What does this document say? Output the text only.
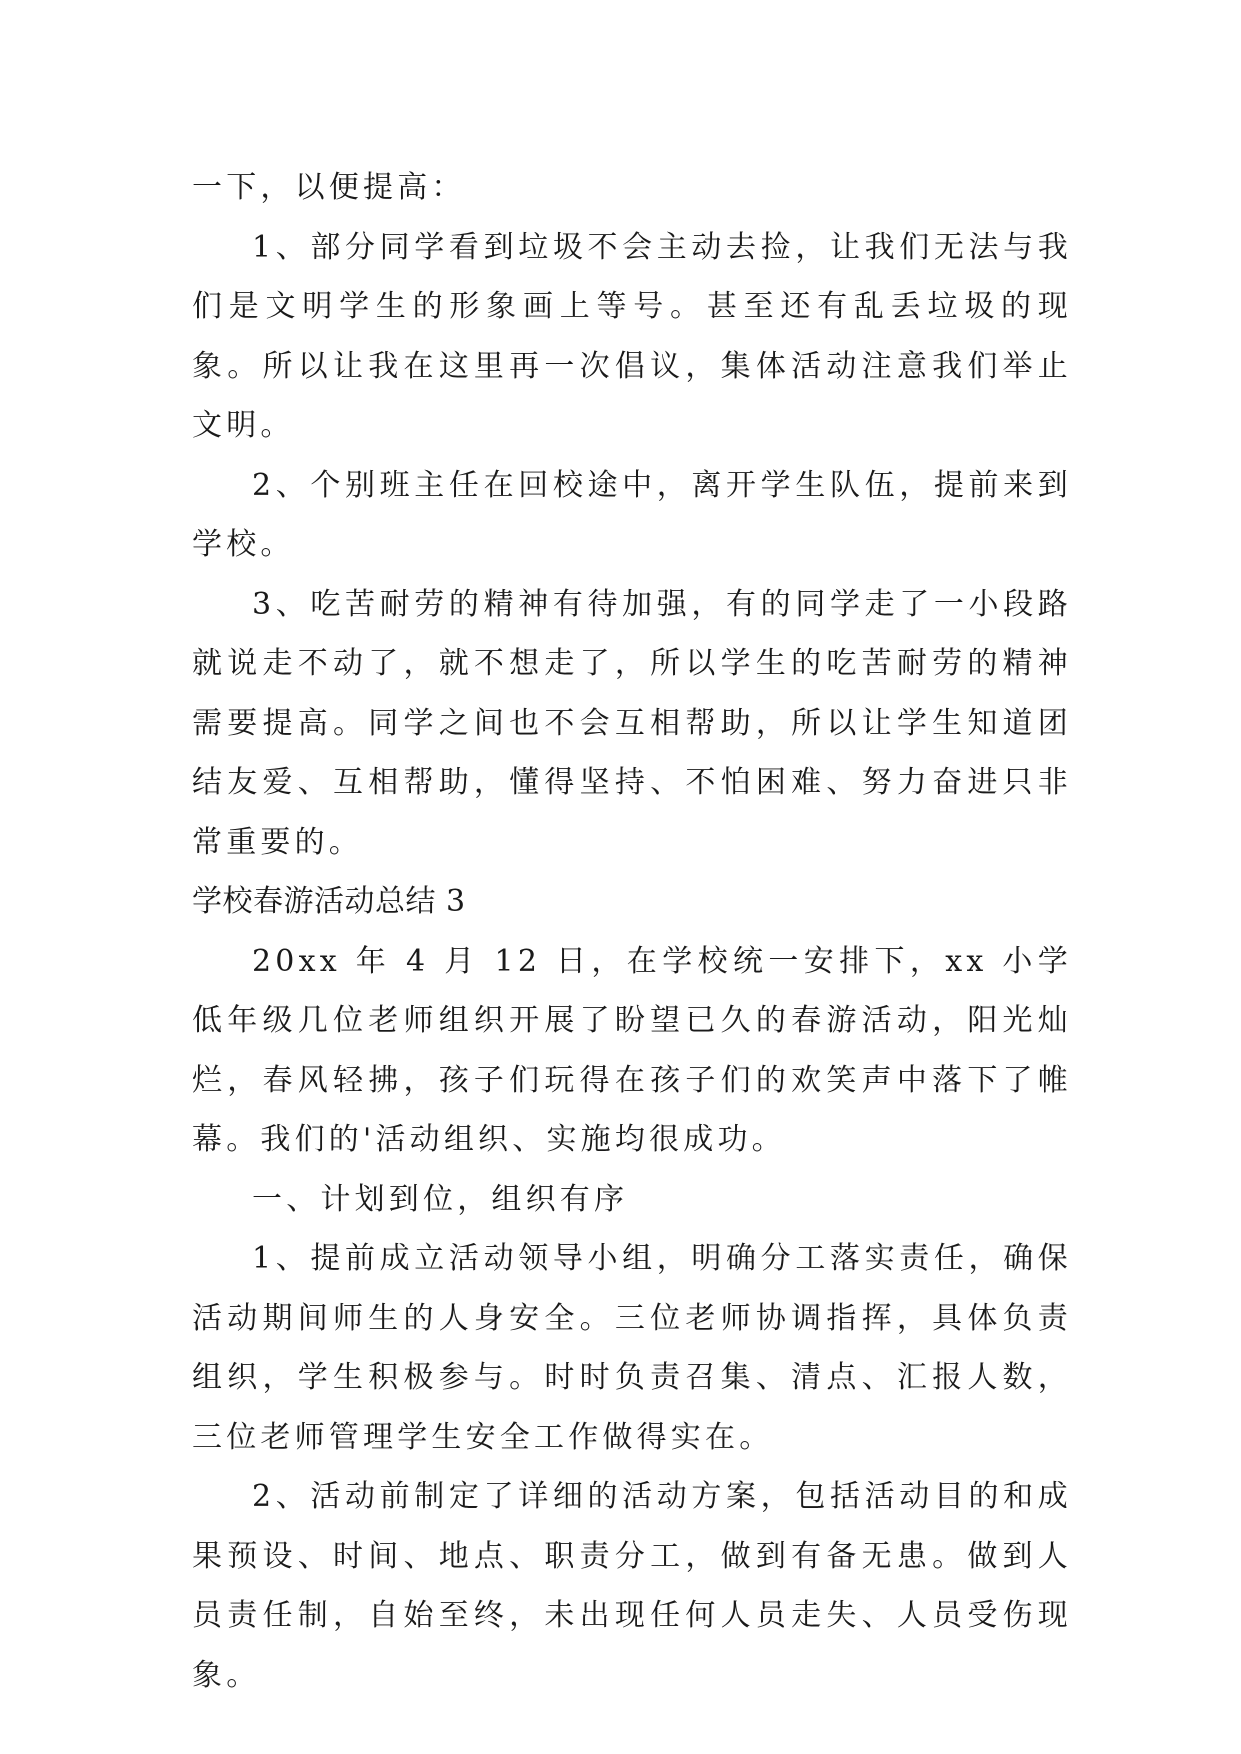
一下，以便提高：

1、部分同学看到垃圾不会主动去捡，让我们无法与我们是文明学生的形象画上等号。甚至还有乱丢垃圾的现象。所以让我在这里再一次倡议，集体活动注意我们举止文明。

2、个别班主任在回校途中，离开学生队伍，提前来到学校。

3、吃苦耐劳的精神有待加强，有的同学走了一小段路就说走不动了，就不想走了，所以学生的吃苦耐劳的精神需要提高。同学之间也不会互相帮助，所以让学生知道团结友爱、互相帮助，懂得坚持、不怕困难、努力奋进只非常重要的。

学校春游活动总结 3

20xx 年 4 月 12 日，在学校统一安排下，xx 小学低年级几位老师组织开展了盼望已久的春游活动，阳光灿烂，春风轻拂，孩子们玩得在孩子们的欢笑声中落下了帷幕。我们的'活动组织、实施均很成功。

一、计划到位，组织有序

1、提前成立活动领导小组，明确分工落实责任，确保活动期间师生的人身安全。三位老师协调指挥，具体负责组织，学生积极参与。时时负责召集、清点、汇报人数，三位老师管理学生安全工作做得实在。

2、活动前制定了详细的活动方案，包括活动目的和成果预设、时间、地点、职责分工，做到有备无患。做到人员责任制，自始至终，未出现任何人员走失、人员受伤现象。
